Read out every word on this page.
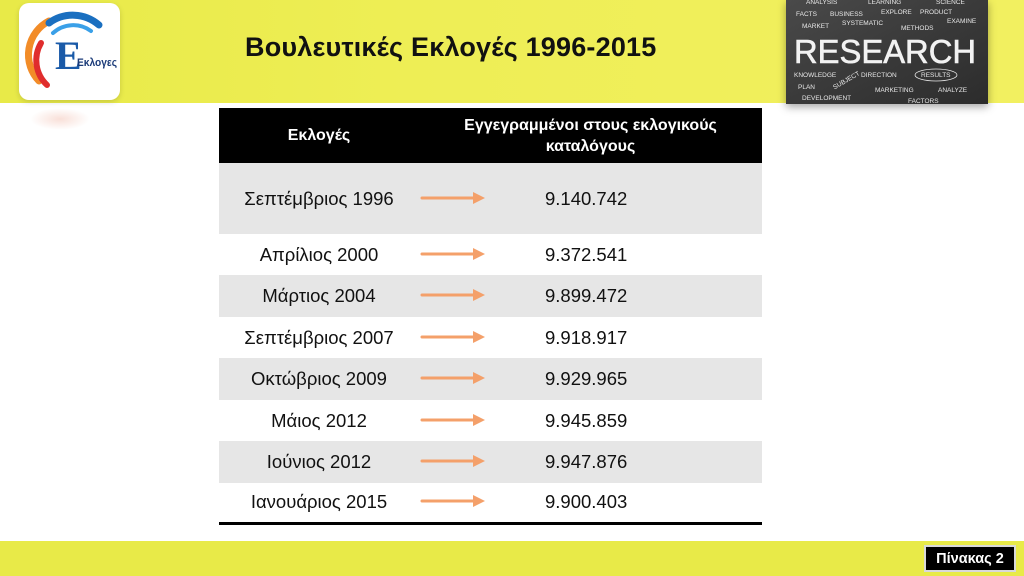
E
Εκλογες
Βουλευτικές Εκλογές 1996-2015
ANALYSIS	LEARNING	SCIENCE
FACTS BUSINESS	EXPLORE PRODUCT
MARKET SYSTEMATIC
METHODS
EXAMINE
RESEARCH
KNOWLEDGE
SUBJECT DIRECTION	RESULTS
PLAN	MARKETING	ANALYZE
DEVELOPMENT	FACTORS
Εκλογές	Εγγεγραμμένοι στους εκλογικούς
καταλόγους	
Σεπτέμβριος 1996		9.140.742
Απρίλιος 2000		9.372.541
Μάρτιος 2004		9.899.472
Σεπτέμβριος 2007		9.918.917
Οκτώβριος 2009		9.929.965
Μάιος 2012		9.945.859
Ιούνιος 2012		9.947.876
Ιανουάριος 2015		9.900.403
Πίνακας 2
